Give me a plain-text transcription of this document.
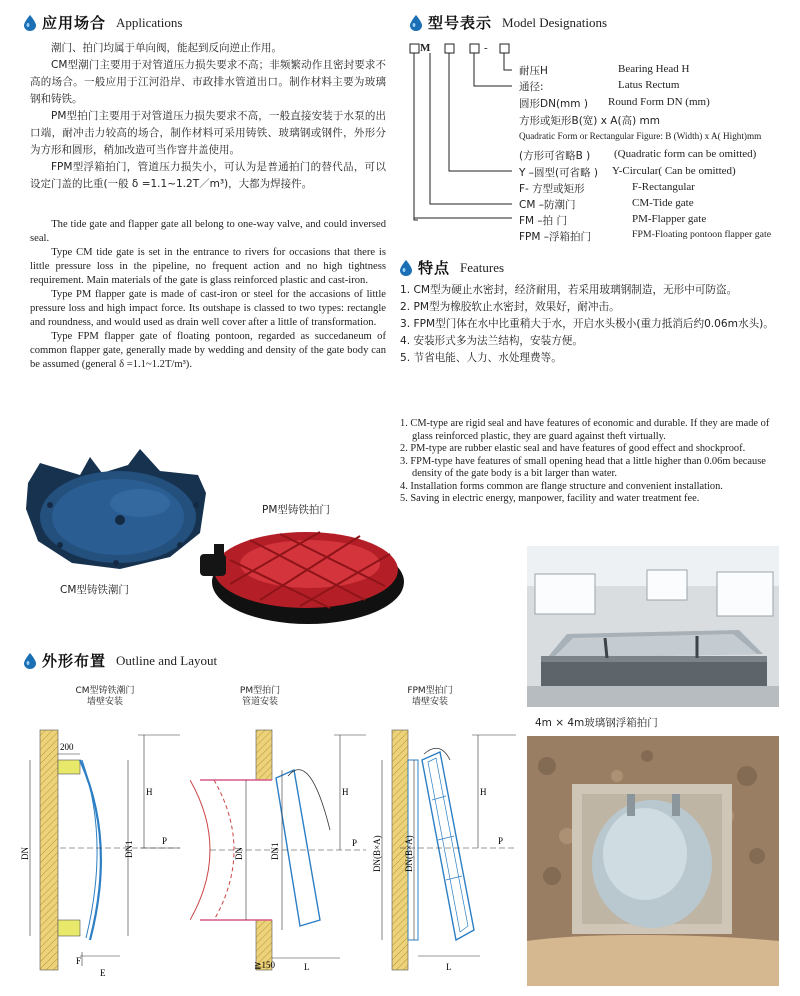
应用场合 Applications

潮门、拍门均属于单向阀，能起到反向逆止作用。

CM型潮门主要用于对管道压力损失要求不高；非频繁动作且密封要求不高的场合。一般应用于江河沿岸、市政排水管道出口。制作材料主要为玻璃钢和铸铁。

PM型拍门主要用于对管道压力损失要求不高，一般直接安装于水泵的出口端，耐冲击力较高的场合，制作材料可采用铸铁、玻璃钢或钢件，外形分为方形和圆形，稍加改造可当作窨井盖使用。

FPM型浮箱拍门，管道压力损失小，可认为是普通拍门的替代品，可以设定门盖的比重(一般 δ =1.1~1.2T／m³)，大都为焊接件。

The tide gate and flapper gate all belong to one-way valve, and could inversed seal.

Type CM tide gate is set in the entrance to rivers for occasions that there is little pressure loss in the pipeline, no frequent action and no high tightness requirement. Main materials of the gate is glass reinforced plastic and cast-iron.

Type PM flapper gate is made of cast-iron or steel for the accasions of little pressure loss and high impact force. Its outshape is classed to two types: rectangle and roundness, and would used as drain well cover after a little of transformation.

Type FPM flapper gate of floating pontoon, regarded as succedaneum of common flapper gate, generally made by wedding and density of the gate body can be assumed (general δ =1.1~1.2T/m³).

CM型铸铁潮门
PM型铸铁拍门
型号表示 Model Designations
M	-
耐压H	Bearing Head H
通径:	Latus Rectum
圆形DN(mm ) Round Form DN (mm)
方形或矩形B(宽) x A(高) mm
Quadratic Form or Rectangular Figure: B (Width) x A( Hight)mm
(方形可省略B ) (Quadratic form can be omitted)
Y –圆型(可省略 ) Y-Circular( Can be omitted)
F- 方型或矩形	F-Rectangular
CM –防潮门	CM-Tide gate
FM –拍 门	PM-Flapper gate
FPM –浮箱拍门	FPM-Floating pontoon flapper gate
特点 Features

1. CM型为硬止水密封，经济耐用，若采用玻璃钢制造，无形中可防盗。

2. PM型为橡胶软止水密封，效果好，耐冲击。

3. FPM型门体在水中比重稍大于水，开启水头极小(重力抵消后约0.06m水头)。

4. 安装形式多为法兰结构，安装方便。

5. 节省电能、人力、水处理费等。

1. CM-type are rigid seal and have features of economic and durable. If they are made of glass reinforced plastic, they are guard against theft virtually.

2. PM-type are rubber elastic seal and have features of good effect and shockproof.

3. FPM-type have features of small opening head that a little higher than 0.06m because density of the gate body is a bit larger than water.

4. Installation forms common are flange structure and convenient installation.

5. Saving in electric energy, manpower, facility and water treatment fee.

4m × 4m玻璃钢浮箱拍门
外形布置 Outline and Layout
CM型铸铁潮门
墙壁安装
PM型拍门
管道安装
FPM型拍门
墙壁安装
200
H
P
DN	DN1
F
E
H
P
DN	DN1
≧150	L
H
P
DN(B×A) DN(B×A)
L
